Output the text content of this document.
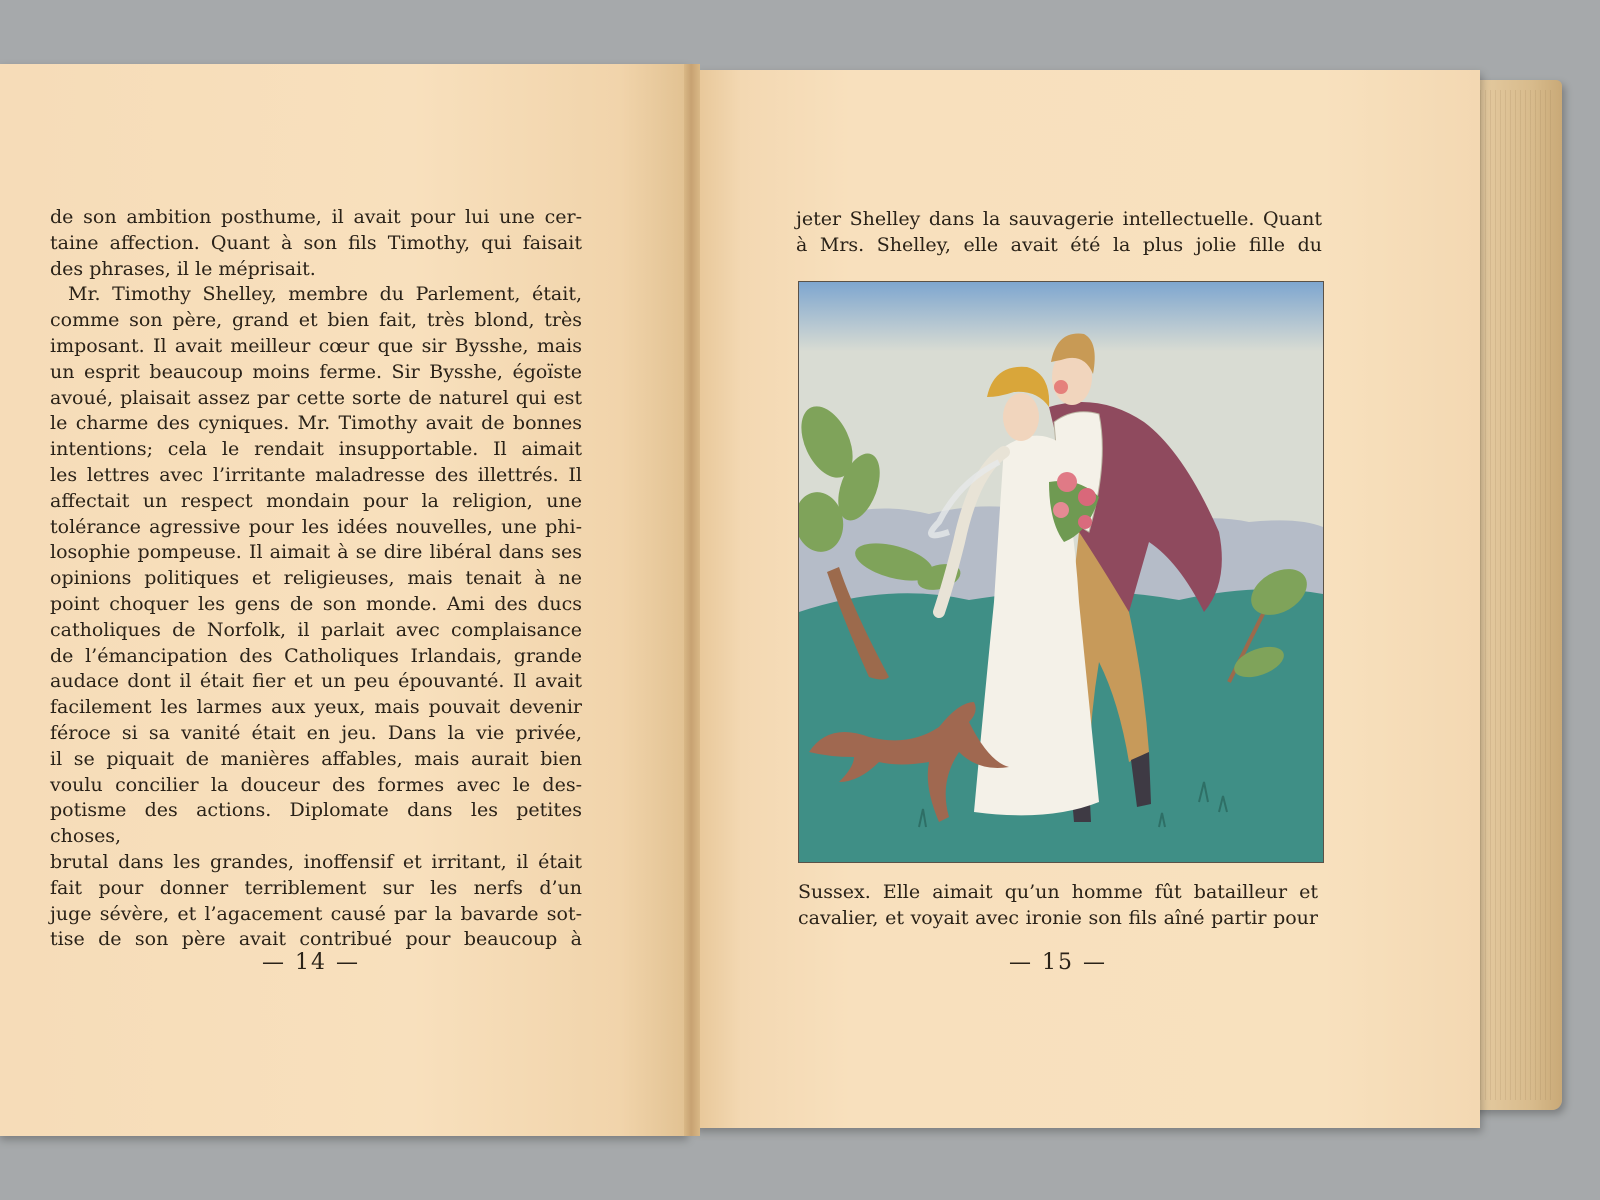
de son ambition posthume, il avait pour lui une cer-
taine affection. Quant à son fils Timothy, qui faisait
des phrases, il le méprisait.
Mr. Timothy Shelley, membre du Parlement, était,
comme son père, grand et bien fait, très blond, très
imposant. Il avait meilleur cœur que sir Bysshe, mais
un esprit beaucoup moins ferme. Sir Bysshe, égoïste
avoué, plaisait assez par cette sorte de naturel qui est
le charme des cyniques. Mr. Timothy avait de bonnes
intentions; cela le rendait insupportable. Il aimait
les lettres avec l’irritante maladresse des illettrés. Il
affectait un respect mondain pour la religion, une
tolérance agressive pour les idées nouvelles, une phi-
losophie pompeuse. Il aimait à se dire libéral dans ses
opinions politiques et religieuses, mais tenait à ne
point choquer les gens de son monde. Ami des ducs
catholiques de Norfolk, il parlait avec complaisance
de l’émancipation des Catholiques Irlandais, grande
audace dont il était fier et un peu épouvanté. Il avait
facilement les larmes aux yeux, mais pouvait devenir
féroce si sa vanité était en jeu. Dans la vie privée,
il se piquait de manières affables, mais aurait bien
voulu concilier la douceur des formes avec le des-
potisme des actions. Diplomate dans les petites choses,
brutal dans les grandes, inoffensif et irritant, il était
fait pour donner terriblement sur les nerfs d’un
juge sévère, et l’agacement causé par la bavarde sot-
tise de son père avait contribué pour beaucoup à
— 14 —
jeter Shelley dans la sauvagerie intellectuelle. Quant
à Mrs. Shelley, elle avait été la plus jolie fille du
Sussex. Elle aimait qu’un homme fût batailleur et
cavalier, et voyait avec ironie son fils aîné partir pour
— 15 —
